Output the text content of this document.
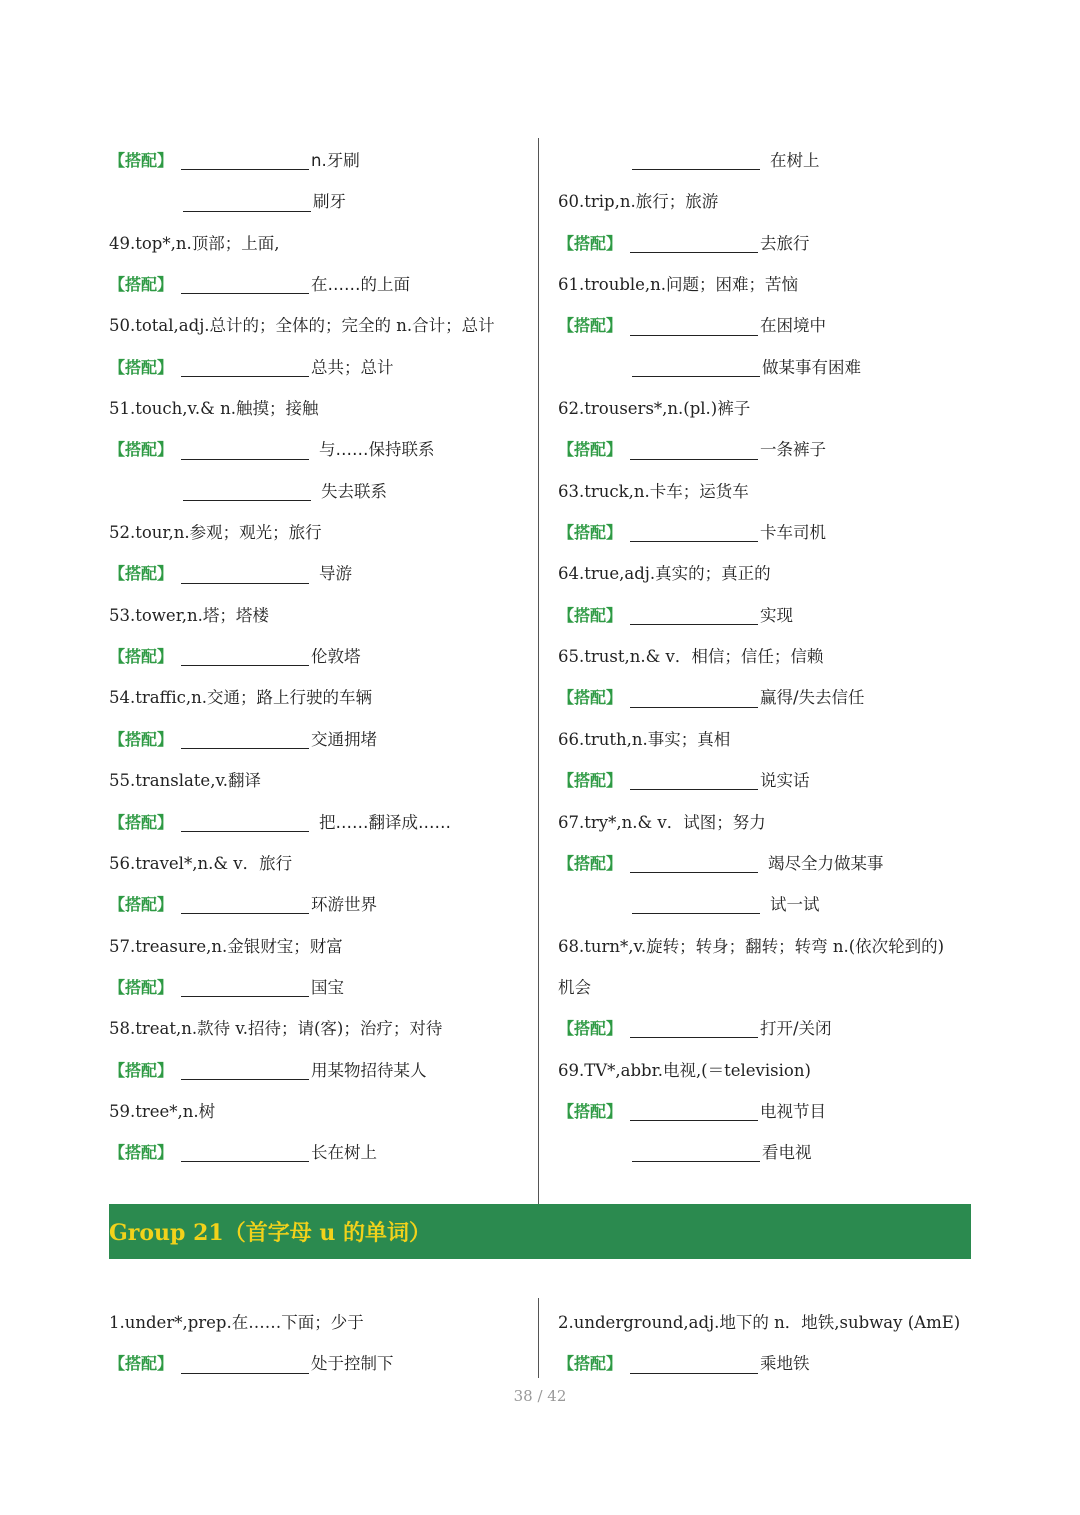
【搭配】	n.牙刷
刷牙
49.top*,n.顶部；上面,
【搭配】	在……的上面
50.total,adj.总计的；全体的；完全的 n.合计；总计
【搭配】	总共；总计
51.touch,v.& n.触摸；接触
【搭配】	与……保持联系
失去联系
52.tour,n.参观；观光；旅行
【搭配】	导游
53.tower,n.塔；塔楼
【搭配】	伦敦塔
54.traffic,n.交通；路上行驶的车辆
【搭配】	交通拥堵
55.translate,v.翻译
【搭配】	把……翻译成……
56.travel*,n.& v．旅行
【搭配】	环游世界
57.treasure,n.金银财宝；财富
【搭配】	国宝
58.treat,n.款待 v.招待；请(客)；治疗；对待
【搭配】	用某物招待某人
59.tree*,n.树
【搭配】	长在树上
在树上
60.trip,n.旅行；旅游
【搭配】	去旅行
61.trouble,n.问题；困难；苦恼
【搭配】	在困境中
做某事有困难
62.trousers*,n.(pl.)裤子
【搭配】	一条裤子
63.truck,n.卡车；运货车
【搭配】	卡车司机
64.true,adj.真实的；真正的
【搭配】	实现
65.trust,n.& v．相信；信任；信赖
【搭配】	赢得/失去信任
66.truth,n.事实；真相
【搭配】	说实话
67.try*,n.& v．试图；努力
【搭配】	竭尽全力做某事
试一试
68.turn*,v.旋转；转身；翻转；转弯 n.(依次轮到的)
机会
【搭配】	打开/关闭
69.TV*,abbr.电视,(＝television)
【搭配】	电视节目
看电视
Group 21（首字母 u 的单词）
1.under*,prep.在……下面；少于
【搭配】	处于控制下
2.underground,adj.地下的 n．地铁,subway (AmE)
【搭配】	乘地铁
38 / 42
